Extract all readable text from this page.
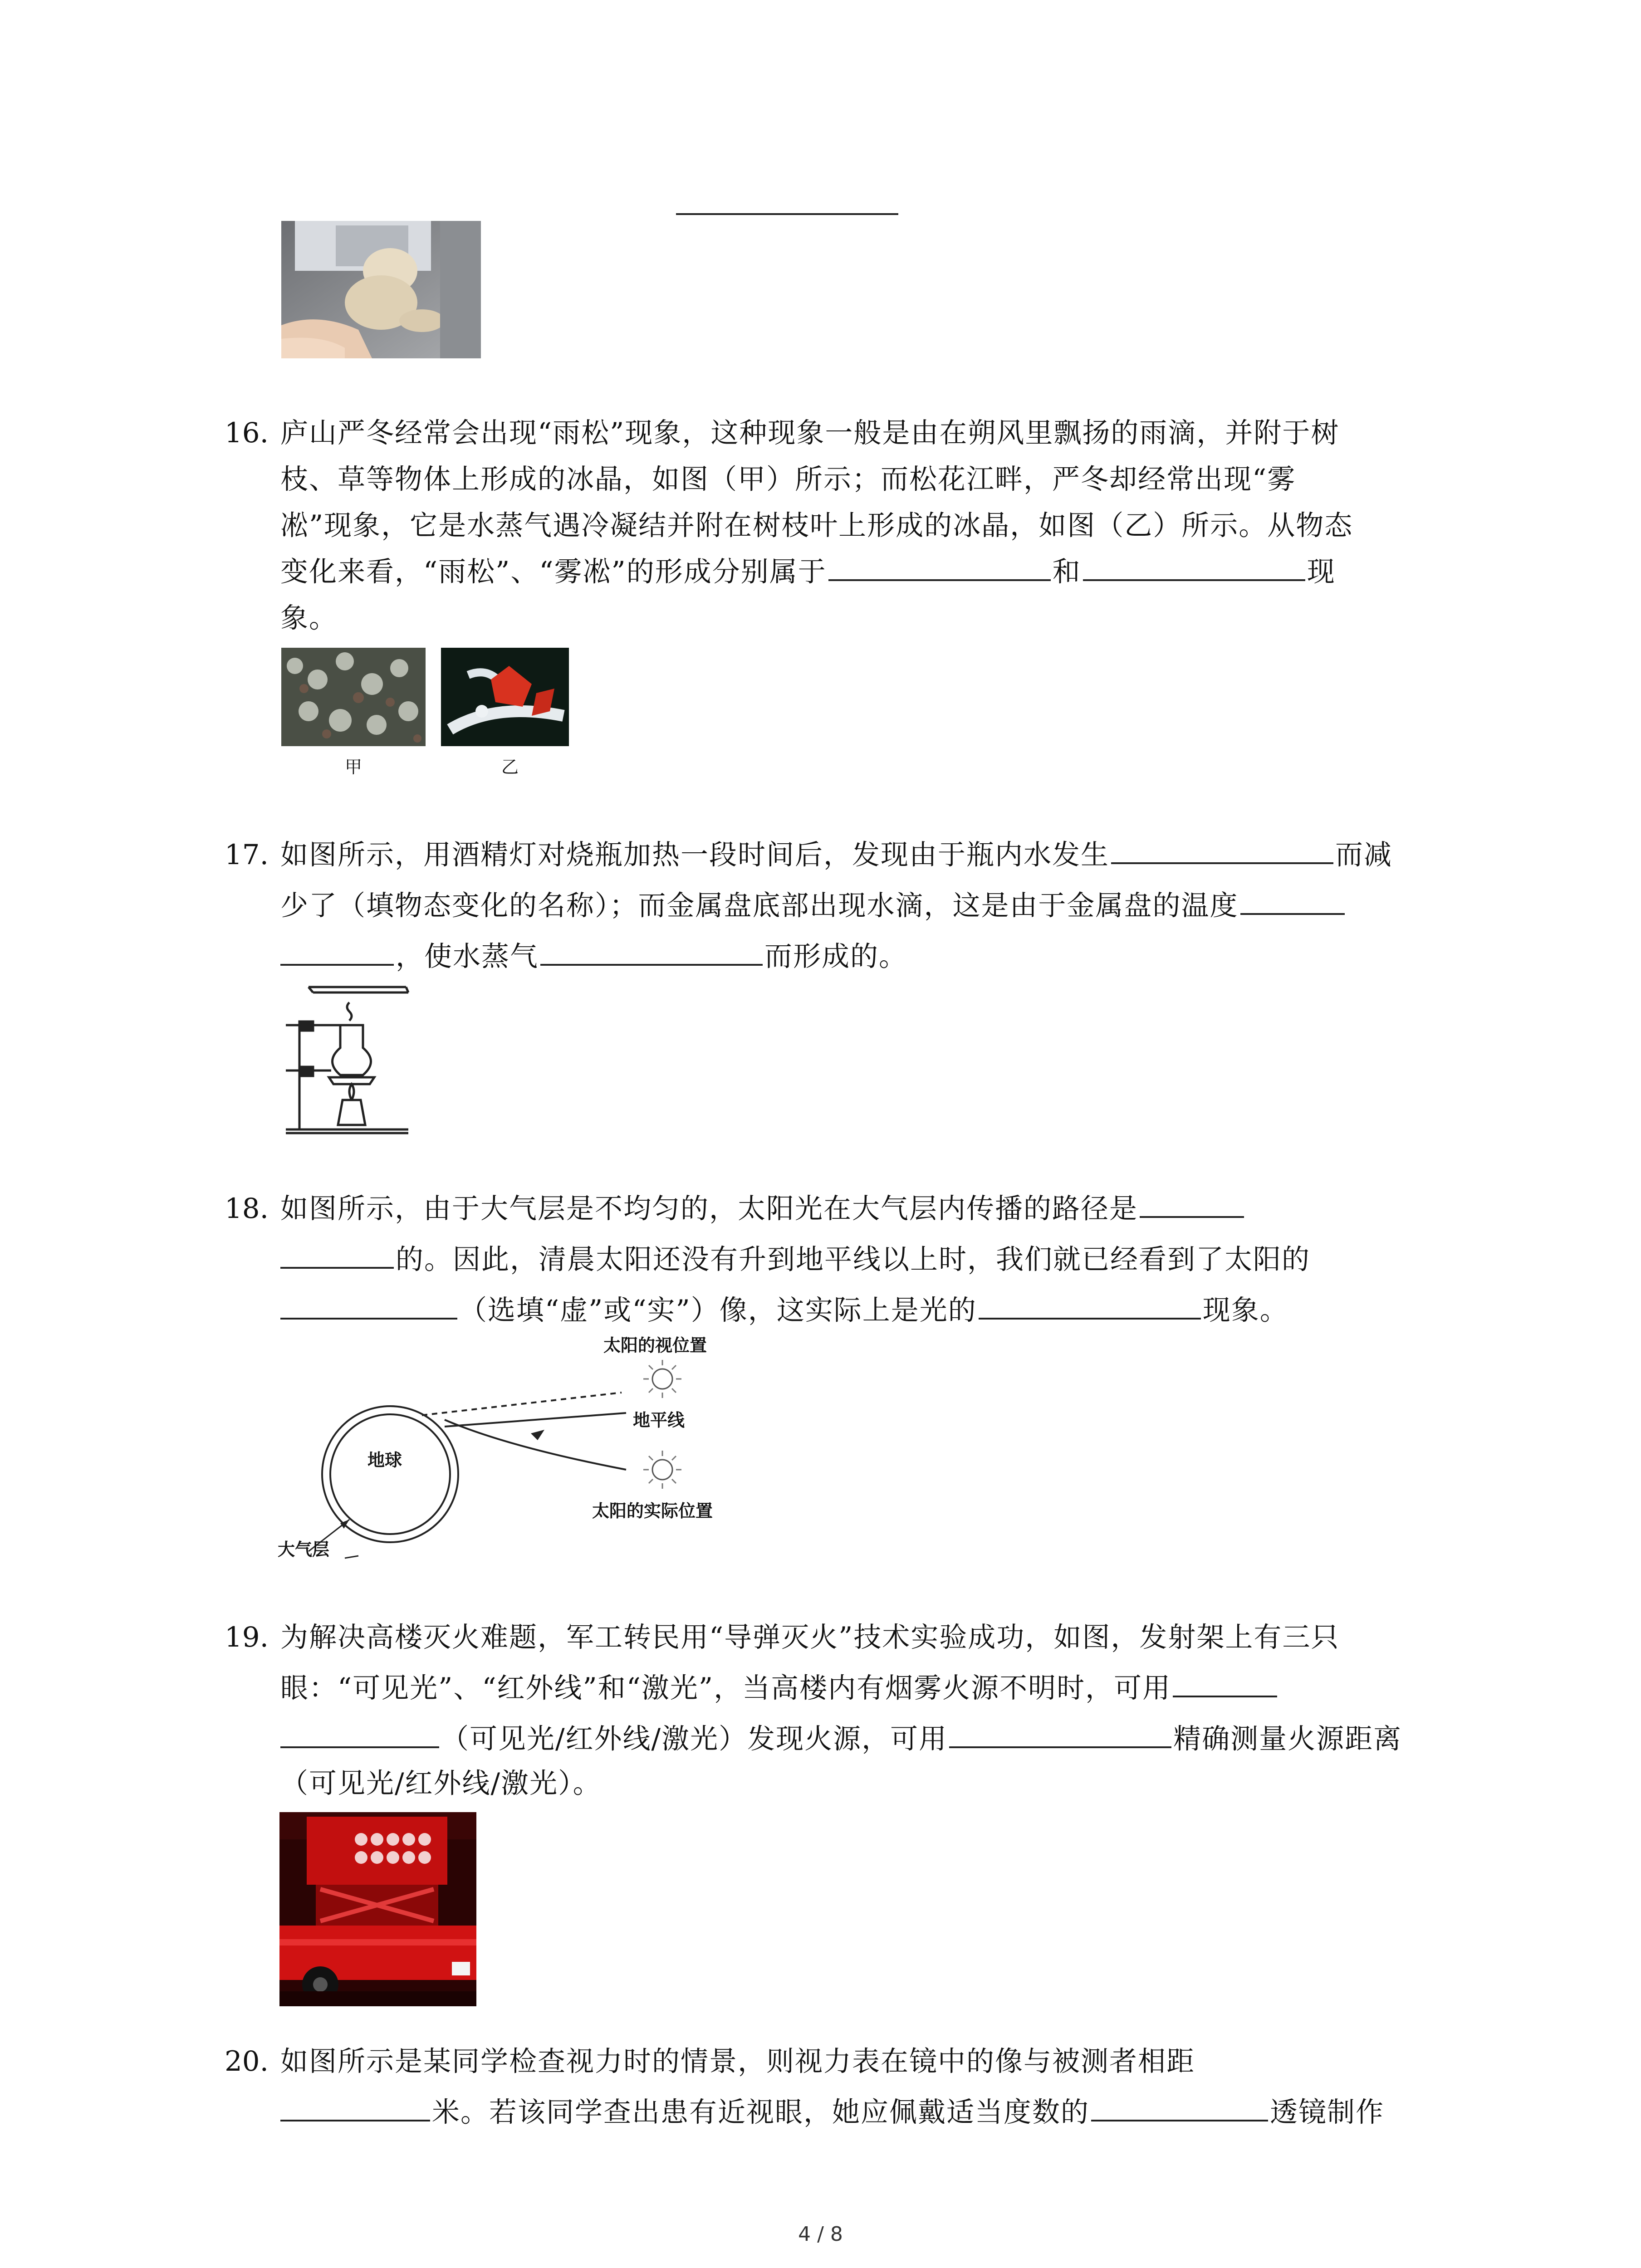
16. 庐山严冬经常会出现“雨松”现象，这种现象一般是由在朔风里飘扬的雨滴，并附于树
枝、草等物体上形成的冰晶，如图（甲）所示；而松花江畔，严冬却经常出现“雾
凇”现象，它是水蒸气遇冷凝结并附在树枝叶上形成的冰晶，如图（乙）所示。从物态
变化来看，“雨松”、“雾凇”的形成分别属于	和	现
象。
甲	乙
17. 如图所示，用酒精灯对烧瓶加热一段时间后，发现由于瓶内水发生	而减
少了（填物态变化的名称）；而金属盘底部出现水滴，这是由于金属盘的温度
，使水蒸气	而形成的。
18. 如图所示，由于大气层是不均匀的，太阳光在大气层内传播的路径是
的。因此，清晨太阳还没有升到地平线以上时，我们就已经看到了太阳的
（选填“虚”或“实”）像，这实际上是光的	现象。
太阳的视位置
地平线
地球
太阳的实际位置
大气层
19. 为解决高楼灭火难题，军工转民用“导弹灭火”技术实验成功，如图，发射架上有三只
眼：“可见光”、“红外线”和“激光”，当高楼内有烟雾火源不明时，可用
（可见光/红外线/激光）发现火源，可用	精确测量火源距离
（可见光/红外线/激光）。
20. 如图所示是某同学检查视力时的情景，则视力表在镜中的像与被测者相距
米。若该同学查出患有近视眼，她应佩戴适当度数的	透镜制作
4 / 8
